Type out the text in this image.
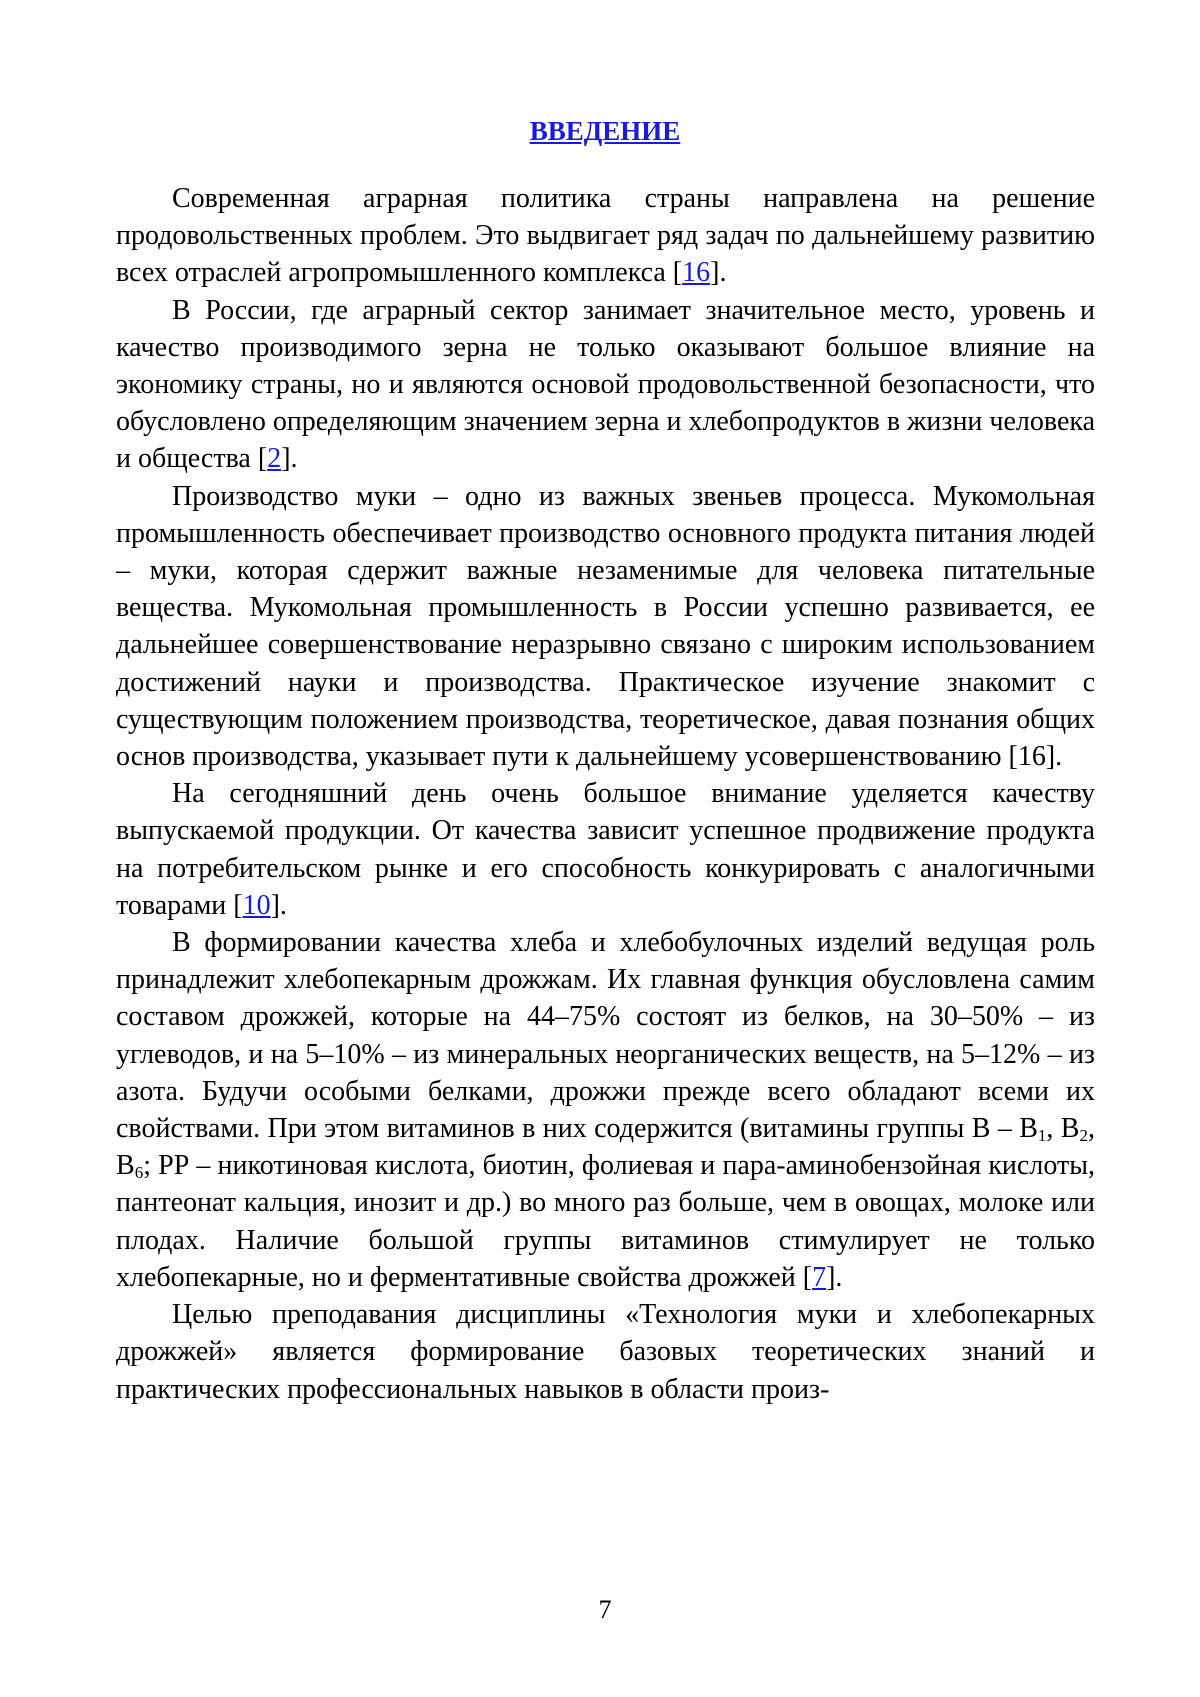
ВВЕДЕНИЕ

Современная аграрная политика страны направлена на решение продовольственных проблем. Это выдвигает ряд задач по дальнейшему развитию всех отраслей агропромышленного комплекса [16].

В России, где аграрный сектор занимает значительное место, уровень и качество производимого зерна не только оказывают большое влияние на экономику страны, но и являются основой продовольственной безопасности, что обусловлено определяющим значением зерна и хлебопродуктов в жизни человека и общества [2].

Производство муки – одно из важных звеньев процесса. Мукомольная промышленность обеспечивает производство основного продукта питания людей – муки, которая сдержит важные незаменимые для человека питательные вещества. Мукомольная промышленность в России успешно развивается, ее дальнейшее совершенствование неразрывно связано с широким использованием достижений науки и производства. Практическое изучение знакомит с существующим положением производства, теоретическое, давая познания общих основ производства, указывает пути к дальнейшему усовершенствованию [16].

На сегодняшний день очень большое внимание уделяется качеству выпускаемой продукции. От качества зависит успешное продвижение продукта на потребительском рынке и его способность конкурировать с аналогичными товарами [10].

В формировании качества хлеба и хлебобулочных изделий ведущая роль принадлежит хлебопекарным дрожжам. Их главная функция обусловлена самим составом дрожжей, которые на 44–75% состоят из белков, на 30–50% – из углеводов, и на 5–10% – из минеральных неорганических веществ, на 5–12% – из азота. Будучи особыми белками, дрожжи прежде всего обладают всеми их свойствами. При этом витаминов в них содержится (витамины группы В – $В_1$, $В_2$, $В_6$; РР – никотиновая кислота, биотин, фолиевая и пара-аминобензойная кислоты, пантеонат кальция, инозит и др.) во много раз больше, чем в овощах, молоке или плодах. Наличие большой группы витаминов стимулирует не только хлебопекарные, но и ферментативные свойства дрожжей [7].

Целью преподавания дисциплины «Технология муки и хлебопекарных дрожжей» является формирование базовых теоретических знаний и практических профессиональных навыков в области произ-

7
